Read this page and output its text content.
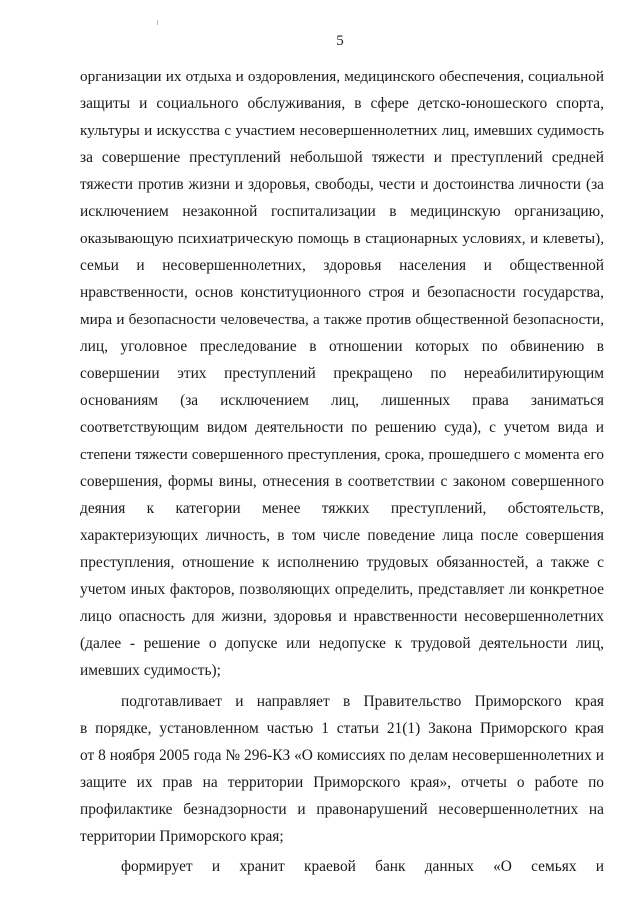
5
организации их отдыха и оздоровления, медицинского обеспечения, социальной
защиты и социального обслуживания, в сфере детско-юношеского спорта,
культуры и искусства с участием несовершеннолетних лиц, имевших судимость
за совершение преступлений небольшой тяжести и преступлений средней
тяжести против жизни и здоровья, свободы, чести и достоинства личности (за
исключением незаконной госпитализации в медицинскую организацию,
оказывающую психиатрическую помощь в стационарных условиях, и клеветы),
семьи и несовершеннолетних, здоровья населения и общественной
нравственности, основ конституционного строя и безопасности государства,
мира и безопасности человечества, а также против общественной безопасности,
лиц, уголовное преследование в отношении которых по обвинению в
совершении этих преступлений прекращено по нереабилитирующим
основаниям (за исключением лиц, лишенных права заниматься
соответствующим видом деятельности по решению суда), с учетом вида и
степени тяжести совершенного преступления, срока, прошедшего с момента его
совершения, формы вины, отнесения в соответствии с законом совершенного
деяния к категории менее тяжких преступлений, обстоятельств,
характеризующих личность, в том числе поведение лица после совершения
преступления, отношение к исполнению трудовых обязанностей, а также с
учетом иных факторов, позволяющих определить, представляет ли конкретное
лицо опасность для жизни, здоровья и нравственности несовершеннолетних
(далее - решение о допуске или недопуске к трудовой деятельности лиц,
имевших судимость);
подготавливает и направляет в Правительство Приморского края
в порядке, установленном частью 1 статьи 21(1) Закона Приморского края
от 8 ноября 2005 года № 296-КЗ «О комиссиях по делам несовершеннолетних и
защите их прав на территории Приморского края», отчеты о работе по
профилактике безнадзорности и правонарушений несовершеннолетних на
территории Приморского края;
формирует и хранит краевой банк данных «О семьях и
